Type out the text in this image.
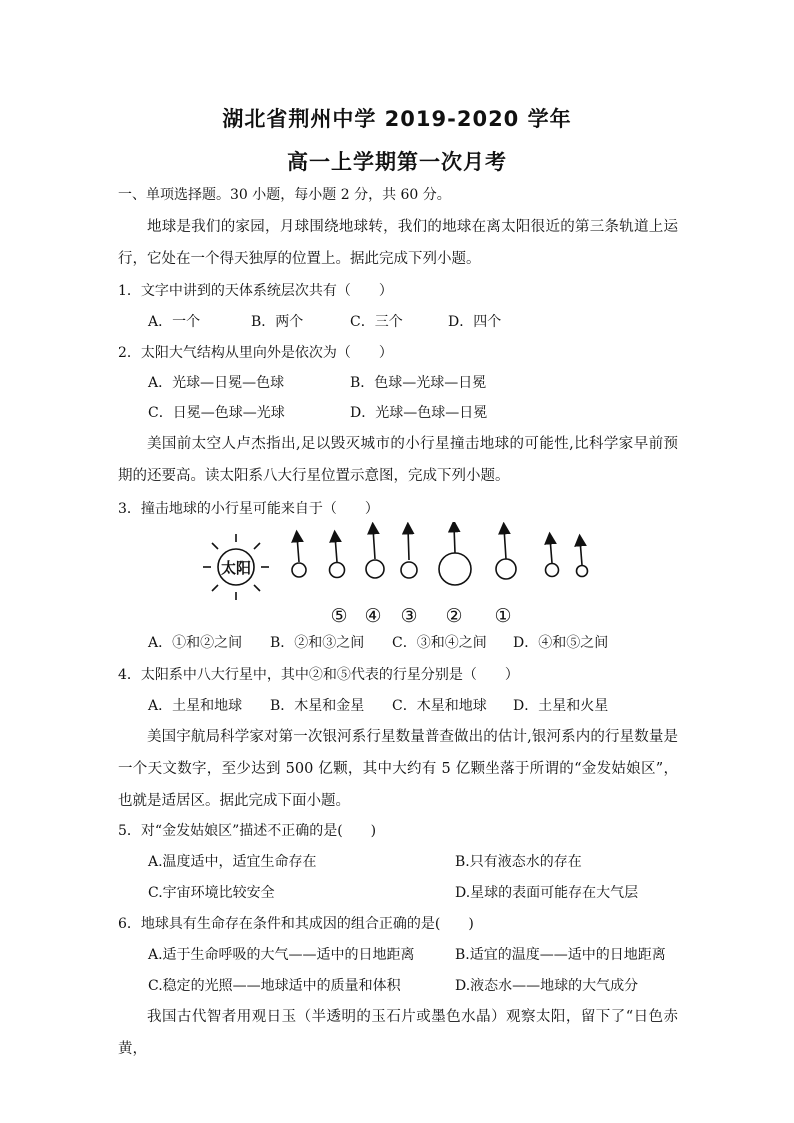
湖北省荆州中学 2019-2020 学年
高一上学期第一次月考
一、单项选择题。30 小题，每小题 2 分，共 60 分。
地球是我们的家园，月球围绕地球转，我们的地球在离太阳很近的第三条轨道上运行，它处在一个得天独厚的位置上。据此完成下列小题。
1．文字中讲到的天体系统层次共有（　　）
A．一个	B．两个	C．三个	D．四个
2．太阳大气结构从里向外是依次为（　　）
A．光球—日冕—色球	B．色球—光球—日冕
C．日冕—色球—光球	D．光球—色球—日冕
美国前太空人卢杰指出,足以毁灭城市的小行星撞击地球的可能性,比科学家早前预期的还要高。读太阳系八大行星位置示意图，完成下列小题。
3．撞击地球的小行星可能来自于（　　）
太阳
⑤ ④ ③ ② ①
A．①和②之间 B．②和③之间 C．③和④之间 D．④和⑤之间
4．太阳系中八大行星中，其中②和⑤代表的行星分别是（　　）
A．土星和地球 B．木星和金星 C．木星和地球 D．土星和火星
美国宇航局科学家对第一次银河系行星数量普查做出的估计,银河系内的行星数量是一个天文数字，至少达到 500 亿颗，其中大约有 5 亿颗坐落于所谓的“金发姑娘区”，也就是适居区。据此完成下面小题。
5．对“金发姑娘区”描述不正确的是(　　)
A.温度适中，适宜生命存在	B.只有液态水的存在
C.宇宙环境比较安全	D.星球的表面可能存在大气层
6．地球具有生命存在条件和其成因的组合正确的是(　　)
A.适于生命呼吸的大气——适中的日地距离	B.适宜的温度——适中的日地距离
C.稳定的光照——地球适中的质量和体积	D.液态水——地球的大气成分
我国古代智者用观日玉（半透明的玉石片或墨色水晶）观察太阳，留下了“日色赤黄，
